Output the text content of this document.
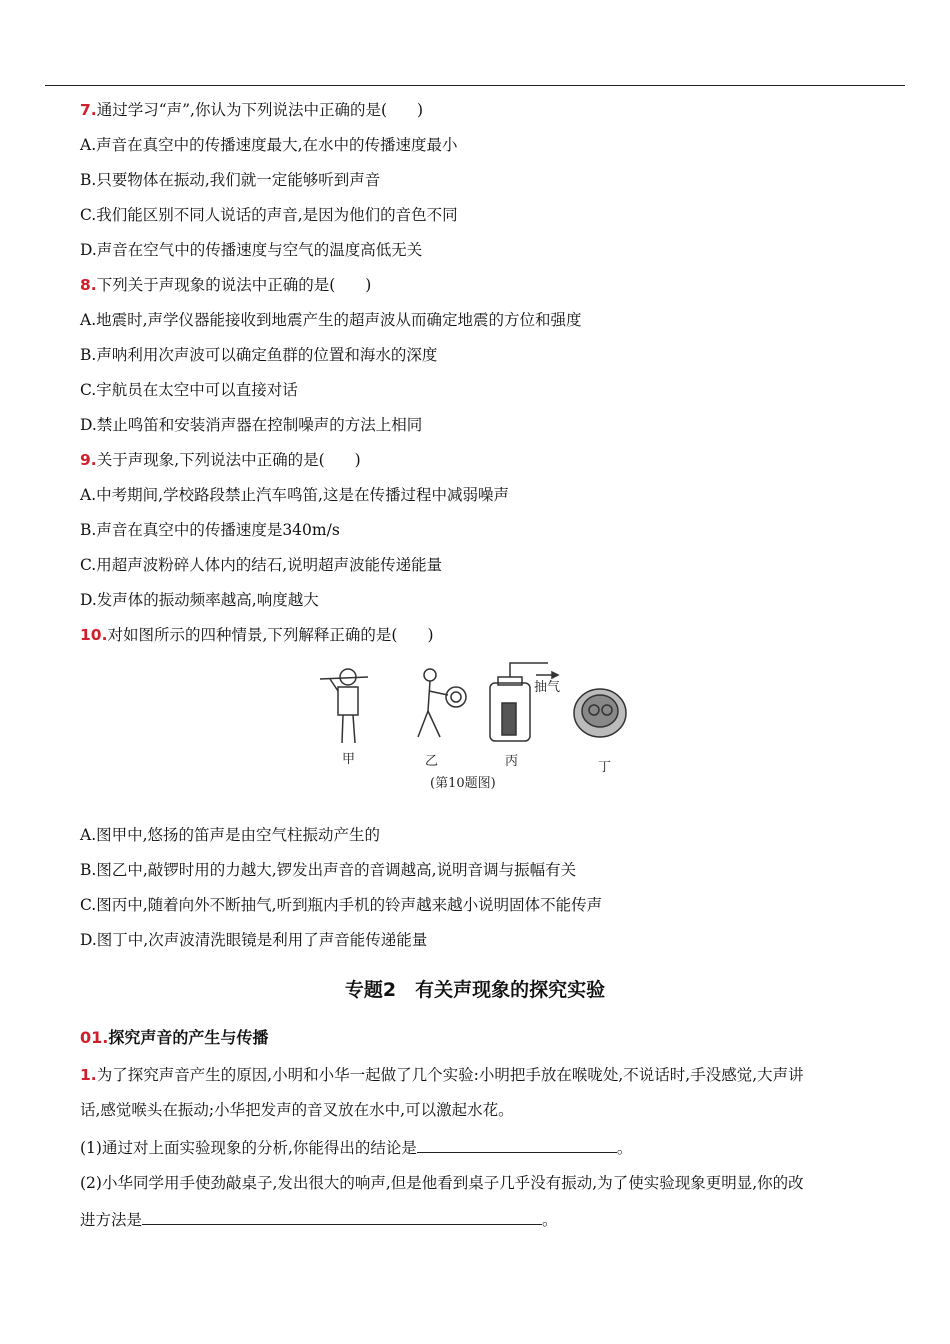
7.通过学习“声”,你认为下列说法中正确的是( )
A.声音在真空中的传播速度最大,在水中的传播速度最小
B.只要物体在振动,我们就一定能够听到声音
C.我们能区别不同人说话的声音,是因为他们的音色不同
D.声音在空气中的传播速度与空气的温度高低无关
8.下列关于声现象的说法中正确的是( )
A.地震时,声学仪器能接收到地震产生的超声波从而确定地震的方位和强度
B.声呐利用次声波可以确定鱼群的位置和海水的深度
C.宇航员在太空中可以直接对话
D.禁止鸣笛和安装消声器在控制噪声的方法上相同
9.关于声现象,下列说法中正确的是( )
A.中考期间,学校路段禁止汽车鸣笛,这是在传播过程中减弱噪声
B.声音在真空中的传播速度是340m/s
C.用超声波粉碎人体内的结石,说明超声波能传递能量
D.发声体的振动频率越高,响度越大
10.对如图所示的四种情景,下列解释正确的是( )
抽气
甲	乙	丙	丁
(第10题图)
A.图甲中,悠扬的笛声是由空气柱振动产生的
B.图乙中,敲锣时用的力越大,锣发出声音的音调越高,说明音调与振幅有关
C.图丙中,随着向外不断抽气,听到瓶内手机的铃声越来越小说明固体不能传声
D.图丁中,次声波清洗眼镜是利用了声音能传递能量
专题2　有关声现象的探究实验
01.探究声音的产生与传播
1.为了探究声音产生的原因,小明和小华一起做了几个实验:小明把手放在喉咙处,不说话时,手没感觉,大声讲
话,感觉喉头在振动;小华把发声的音叉放在水中,可以激起水花。
(1)通过对上面实验现象的分析,你能得出的结论是	。
(2)小华同学用手使劲敲桌子,发出很大的响声,但是他看到桌子几乎没有振动,为了使实验现象更明显,你的改
进方法是	。
